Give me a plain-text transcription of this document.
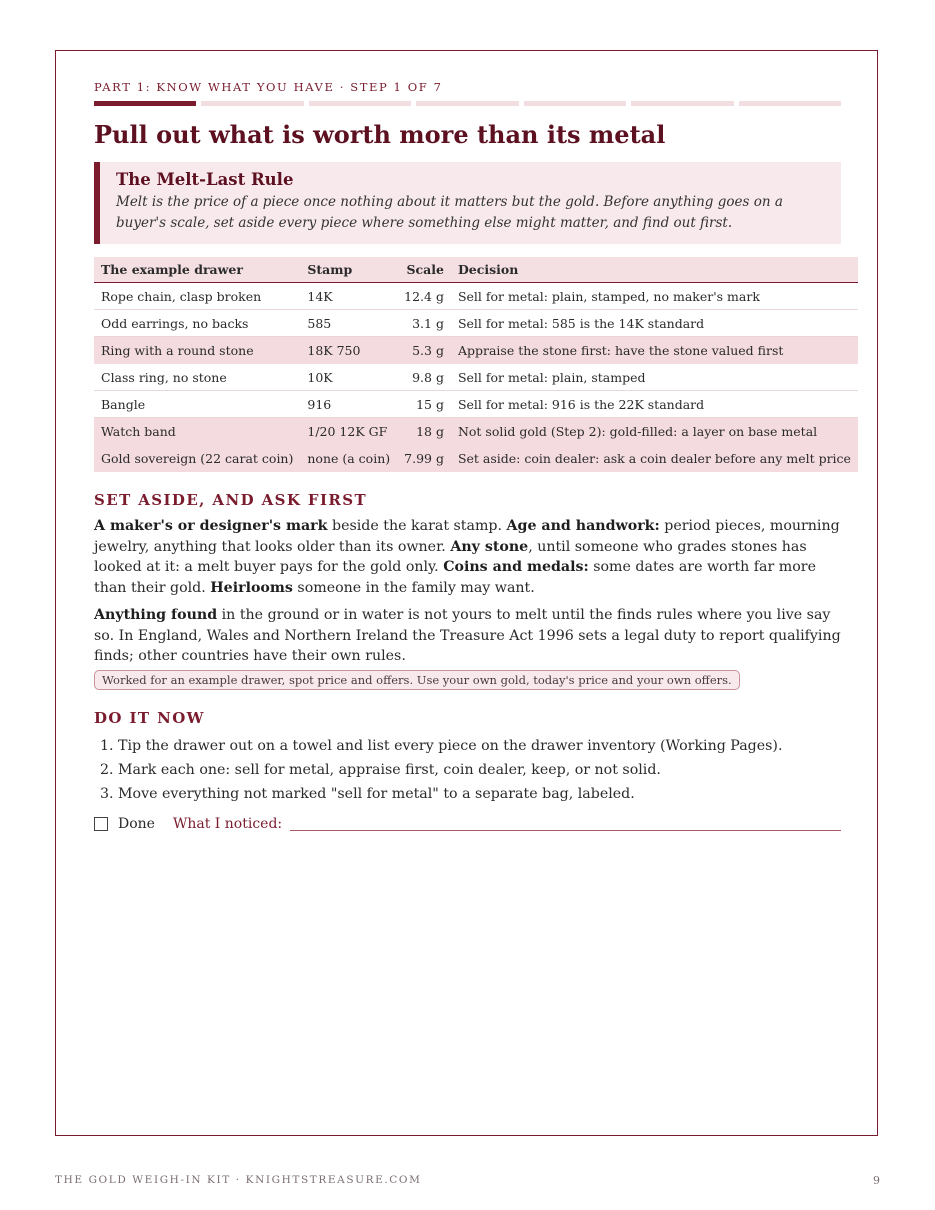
PART 1: KNOW WHAT YOU HAVE · STEP 1 OF 7
Pull out what is worth more than its metal
The Melt-Last Rule
Melt is the price of a piece once nothing about it matters but the gold. Before anything goes on a buyer's scale, set aside every piece where something else might matter, and find out first.
The example drawer	Stamp	Scale	Decision
Rope chain, clasp broken	14K	12.4 g	Sell for metal: plain, stamped, no maker's mark
Odd earrings, no backs	585	3.1 g	Sell for metal: 585 is the 14K standard
Ring with a round stone	18K 750	5.3 g	Appraise the stone first: have the stone valued first
Class ring, no stone	10K	9.8 g	Sell for metal: plain, stamped
Bangle	916	15 g	Sell for metal: 916 is the 22K standard
Watch band	1/20 12K GF	18 g	Not solid gold (Step 2): gold-filled: a layer on base metal
Gold sovereign (22 carat coin)	none (a coin)	7.99 g	Set aside: coin dealer: ask a coin dealer before any melt price
SET ASIDE, AND ASK FIRST

A maker's or designer's mark beside the karat stamp. Age and handwork: period pieces, mourning jewelry, anything that looks older than its owner. Any stone, until someone who grades stones has looked at it: a melt buyer pays for the gold only. Coins and medals: some dates are worth far more than their gold. Heirlooms someone in the family may want.

Anything found in the ground or in water is not yours to melt until the finds rules where you live say so. In England, Wales and Northern Ireland the Treasure Act 1996 sets a legal duty to report qualifying finds; other countries have their own rules.

Worked for an example drawer, spot price and offers. Use your own gold, today's price and your own offers.
DO IT NOW
1. Tip the drawer out on a towel and list every piece on the drawer inventory (Working Pages).
2. Mark each one: sell for metal, appraise first, coin dealer, keep, or not solid.
3. Move everything not marked "sell for metal" to a separate bag, labeled.
Done What I noticed:
THE GOLD WEIGH-IN KIT · KNIGHTSTREASURE.COM	9
